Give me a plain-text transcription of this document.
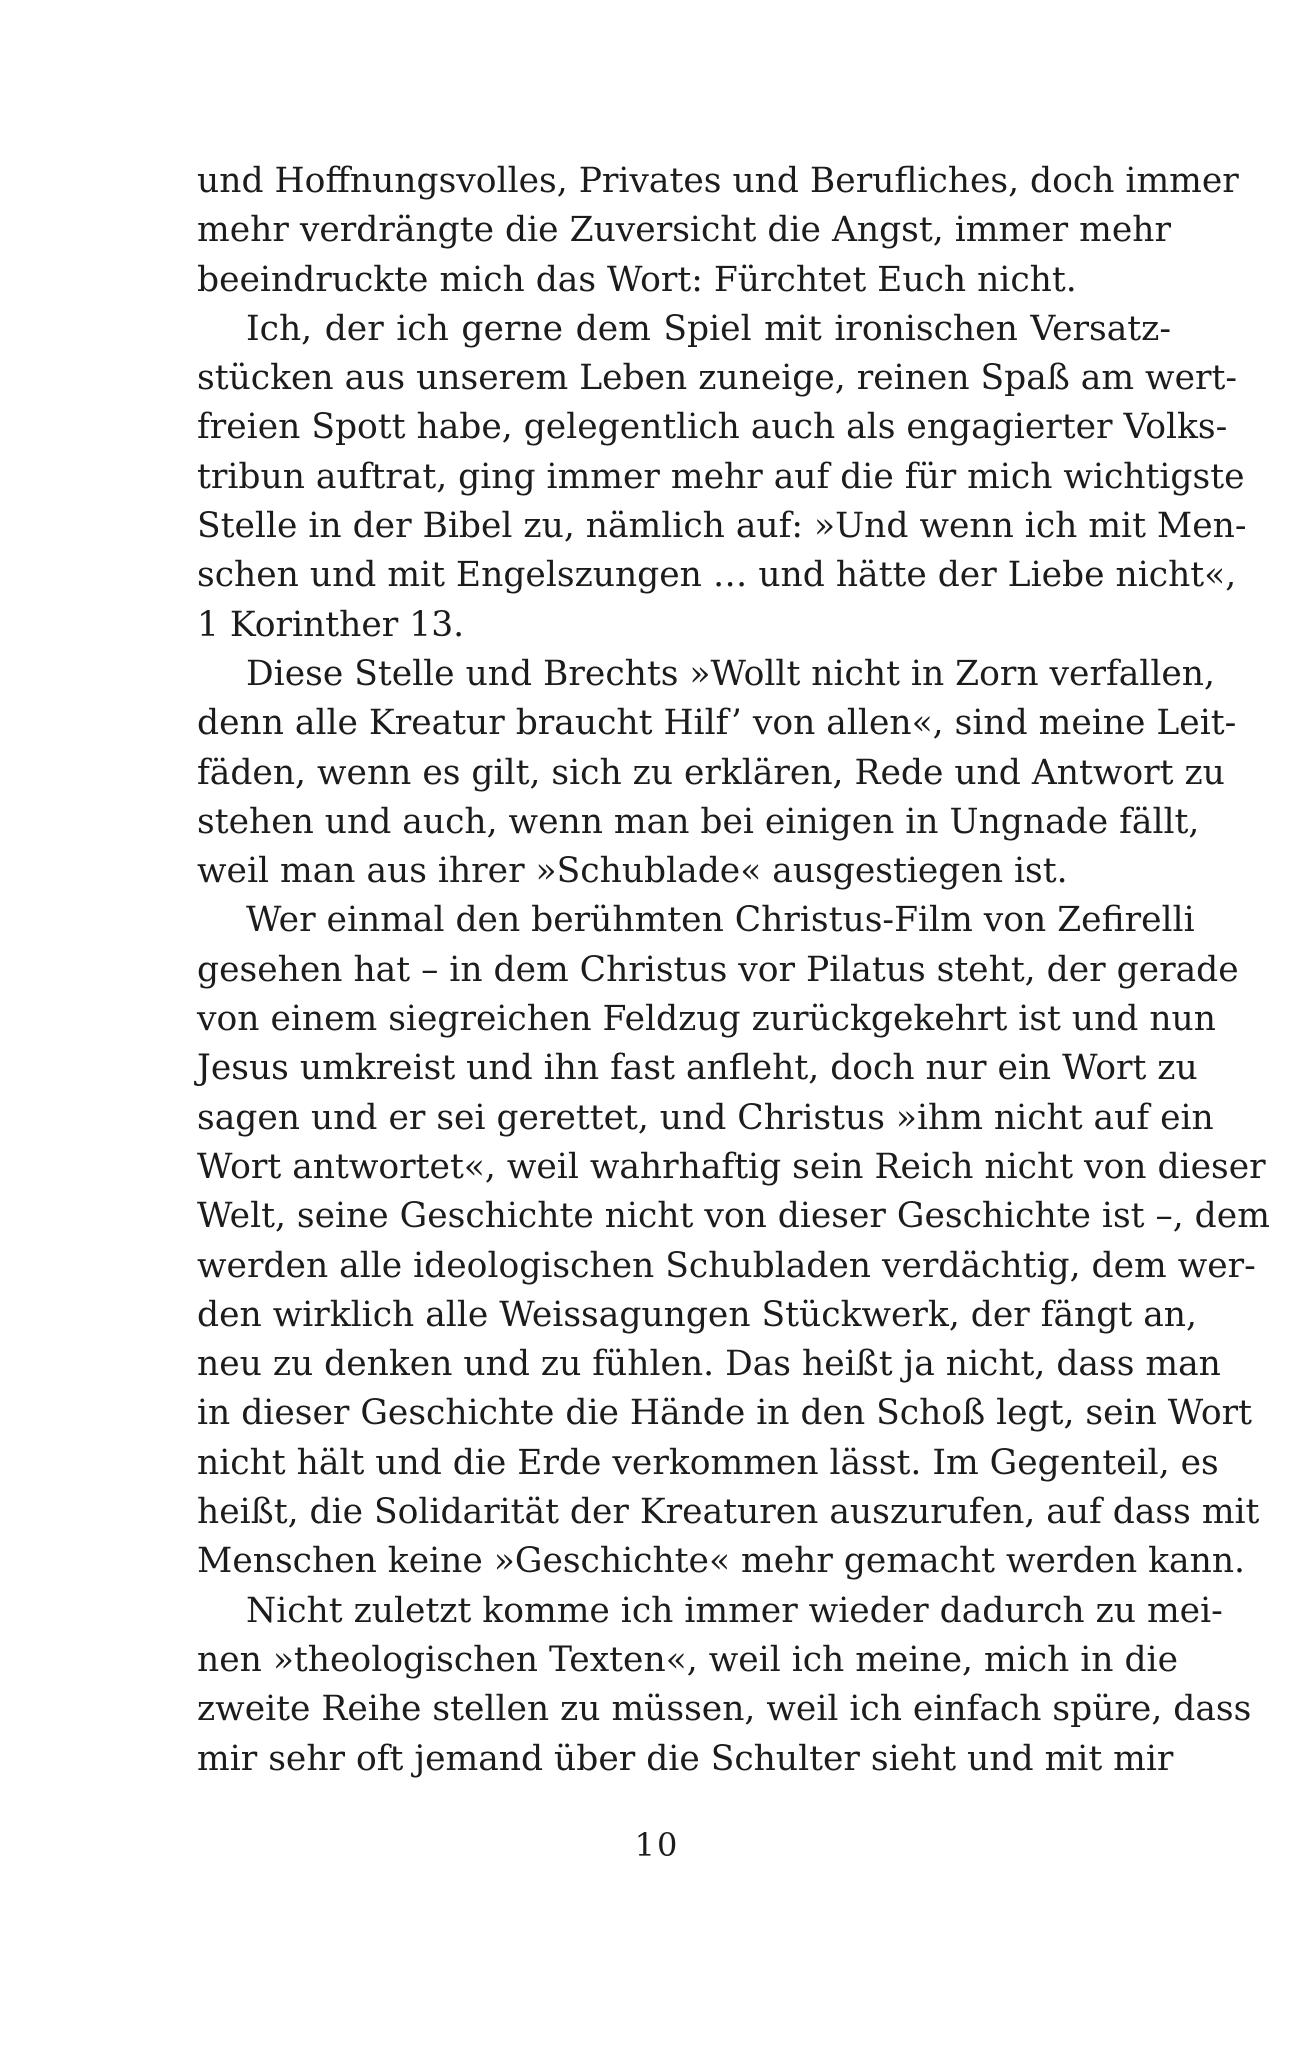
und Hoffnungsvolles, Privates und Berufliches, doch immer
mehr verdrängte die Zuversicht die Angst, immer mehr
beeindruckte mich das Wort: Fürchtet Euch nicht.
Ich, der ich gerne dem Spiel mit ironischen Versatz-
stücken aus unserem Leben zuneige, reinen Spaß am wert-
freien Spott habe, gelegentlich auch als engagierter Volks-
tribun auftrat, ging immer mehr auf die für mich wichtigste
Stelle in der Bibel zu, nämlich auf: »Und wenn ich mit Men-
schen und mit Engelszungen … und hätte der Liebe nicht«,
1 Korinther 13.
Diese Stelle und Brechts »Wollt nicht in Zorn verfallen,
denn alle Kreatur braucht Hilf’ von allen«, sind meine Leit-
fäden, wenn es gilt, sich zu erklären, Rede und Antwort zu
stehen und auch, wenn man bei einigen in Ungnade fällt,
weil man aus ihrer »Schublade« ausgestiegen ist.
Wer einmal den berühmten Christus-Film von Zefirelli
gesehen hat – in dem Christus vor Pilatus steht, der gerade
von einem siegreichen Feldzug zurückgekehrt ist und nun
Jesus umkreist und ihn fast anfleht, doch nur ein Wort zu
sagen und er sei gerettet, und Christus »ihm nicht auf ein
Wort antwortet«, weil wahrhaftig sein Reich nicht von dieser
Welt, seine Geschichte nicht von dieser Geschichte ist –, dem
werden alle ideologischen Schubladen verdächtig, dem wer-
den wirklich alle Weissagungen Stückwerk, der fängt an,
neu zu denken und zu fühlen. Das heißt ja nicht, dass man
in dieser Geschichte die Hände in den Schoß legt, sein Wort
nicht hält und die Erde verkommen lässt. Im Gegenteil, es
heißt, die Solidarität der Kreaturen auszurufen, auf dass mit
Menschen keine »Geschichte« mehr gemacht werden kann.
Nicht zuletzt komme ich immer wieder dadurch zu mei-
nen »theologischen Texten«, weil ich meine, mich in die
zweite Reihe stellen zu müssen, weil ich einfach spüre, dass
mir sehr oft jemand über die Schulter sieht und mit mir
10
